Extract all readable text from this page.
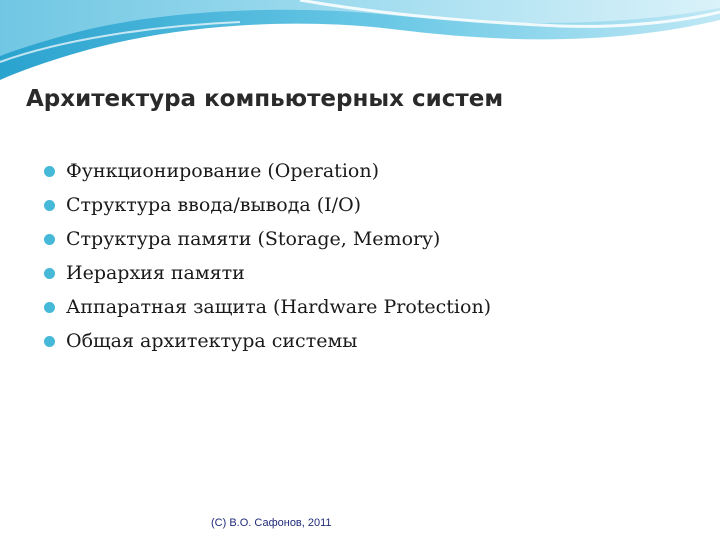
Архитектура компьютерных систем
Функционирование (Operation)
Структура ввода/вывода (I/O)
Структура памяти (Storage, Memory)
Иерархия памяти
Аппаратная защита (Hardware Protection)
Общая архитектура системы
(C) В.О. Сафонов, 2011
